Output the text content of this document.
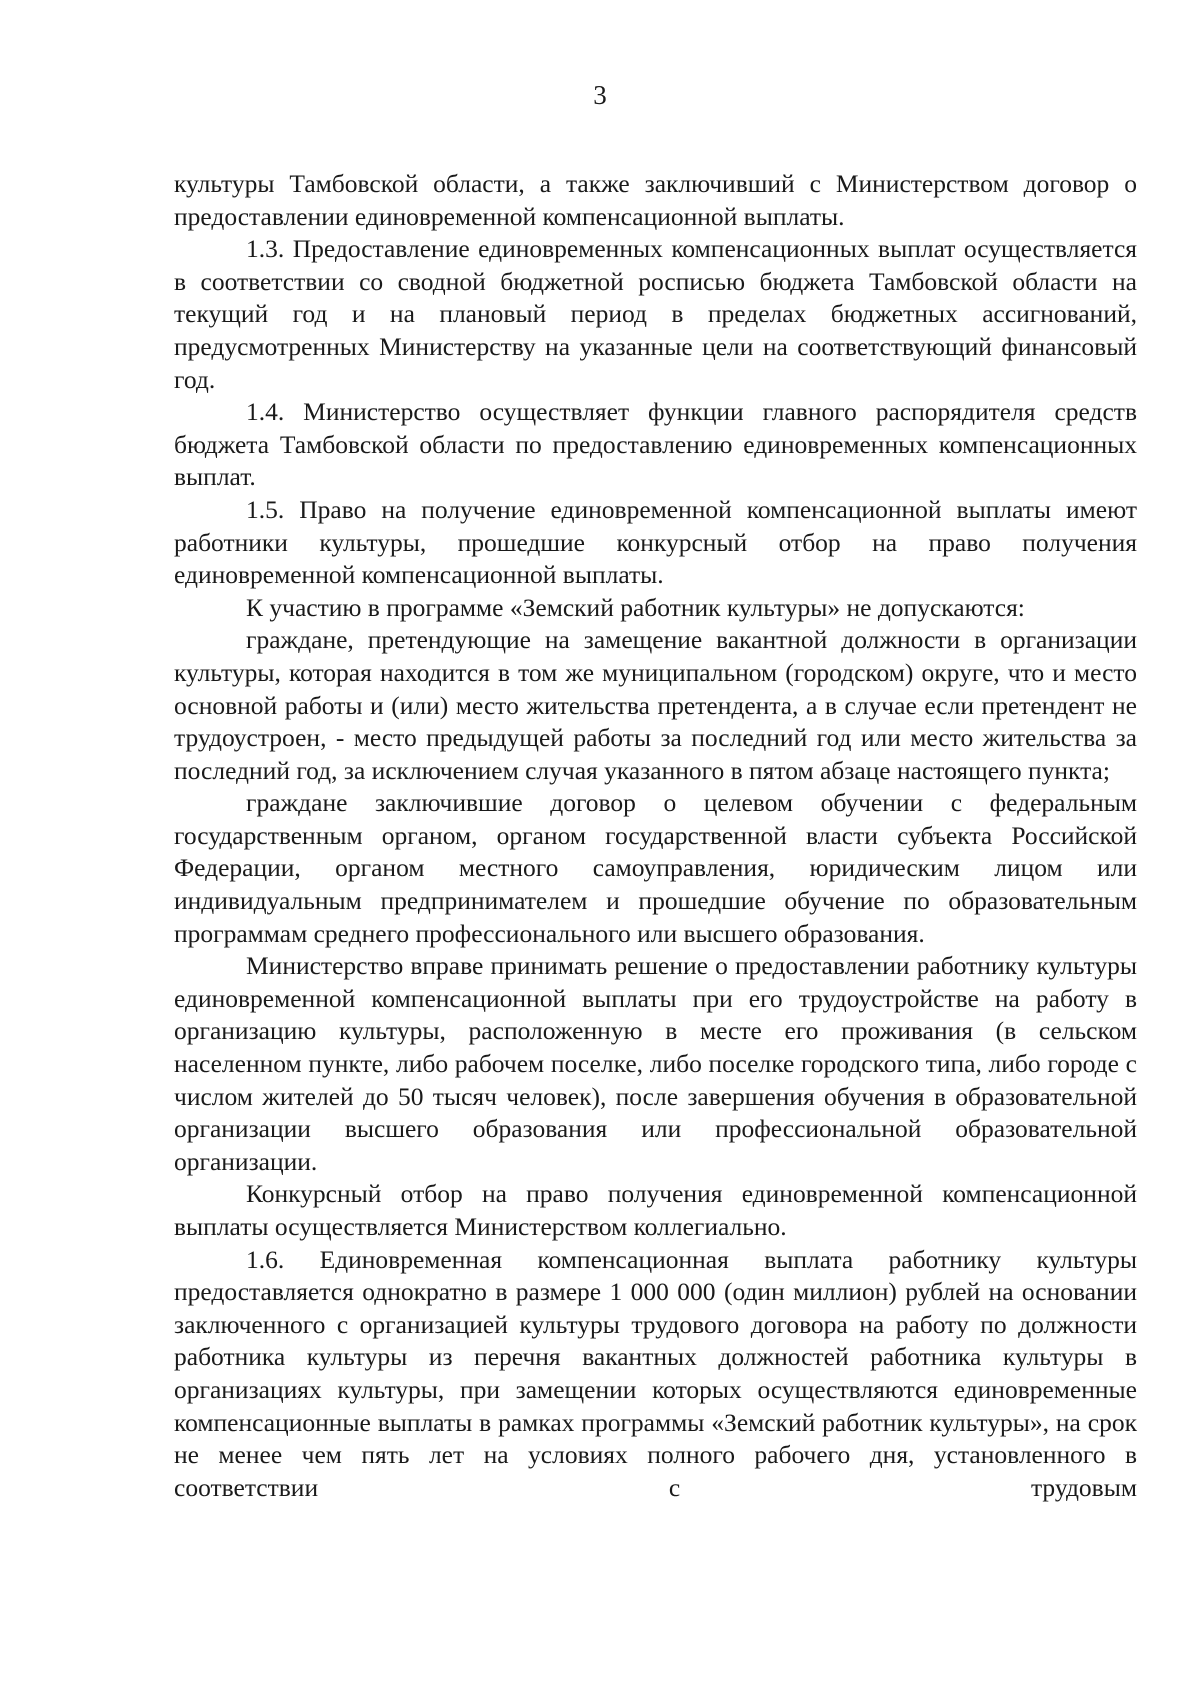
3

культуры Тамбовской области, а также заключивший с Министерством договор о предоставлении единовременной компенсационной выплаты.

1.3. Предоставление единовременных компенсационных выплат осуществляется в соответствии со сводной бюджетной росписью бюджета Тамбовской области на текущий год и на плановый период в пределах бюджетных ассигнований, предусмотренных Министерству на указанные цели на соответствующий финансовый год.

1.4. Министерство осуществляет функции главного распорядителя средств бюджета Тамбовской области по предоставлению единовременных компенсационных выплат.

1.5. Право на получение единовременной компенсационной выплаты имеют работники культуры, прошедшие конкурсный отбор на право получения единовременной компенсационной выплаты.

К участию в программе «Земский работник культуры» не допускаются:

граждане, претендующие на замещение вакантной должности в организации культуры, которая находится в том же муниципальном (городском) округе, что и место основной работы и (или) место жительства претендента, а в случае если претендент не трудоустроен, - место предыдущей работы за последний год или место жительства за последний год, за исключением случая указанного в пятом абзаце настоящего пункта;

граждане заключившие договор о целевом обучении с федеральным государственным органом, органом государственной власти субъекта Российской Федерации, органом местного самоуправления, юридическим лицом или индивидуальным предпринимателем и прошедшие обучение по образовательным программам среднего профессионального или высшего образования.

Министерство вправе принимать решение о предоставлении работнику культуры единовременной компенсационной выплаты при его трудоустройстве на работу в организацию культуры, расположенную в месте его проживания (в сельском населенном пункте, либо рабочем поселке, либо поселке городского типа, либо городе с числом жителей до 50 тысяч человек), после завершения обучения в образовательной организации высшего образования или профессиональной образовательной организации.

Конкурсный отбор на право получения единовременной компенсационной выплаты осуществляется Министерством коллегиально.

1.6. Единовременная компенсационная выплата работнику культуры предоставляется однократно в размере 1 000 000 (один миллион) рублей на основании заключенного с организацией культуры трудового договора на работу по должности работника культуры из перечня вакантных должностей работника культуры в организациях культуры, при замещении которых осуществляются единовременные компенсационные выплаты в рамках программы «Земский работник культуры», на срок не менее чем пять лет на условиях полного рабочего дня, установленного в соответствии с трудовым
